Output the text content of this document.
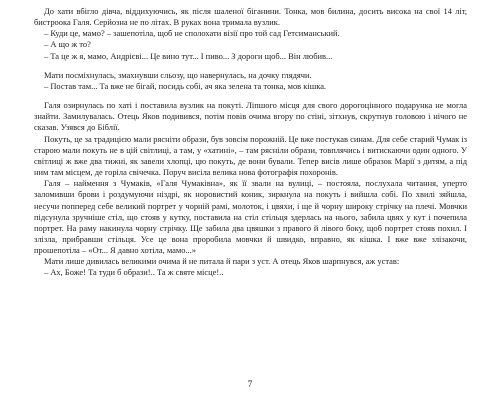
До хати вбігло дівча, віддихуючись, як після шаленої біганини. Тонка, мов билина, досить висока на свої 14 літ, бистроока Галя. Серйозна не по літах. В руках вона тримала вузлик.

– Куди це, мамо? – зашепотіла, щоб не сполохати візії про той сад Гетсиманський.

– А що ж то?

– Та це ж я, мамо, Андрієві... Це вино тут... І пиво... З дороги щоб... Він любив...

Мати посміхнулась, змахнувши сльозу, що навернулась, на дочку глядячи.

– Постав там... Та вже не бігай, посидь собі, ач яка зелена та тонка, мов кішка.

Галя озирнулась по хаті і поставила вузлик на покуті. Ліпшого місця для свого дорогоцінного подарунка не могла знайти. Замилувалась. Отець Яков подивився, потім повів очима вгору по стіні, зітхнув, скрутнув головою і нічого не сказав. Узявся до Біблії.

Покуть, це за традицією мали рясніти образи, був зовсім порожній. Це вже постукав синам. Для себе старий Чумак із старою мали покуть не в цій світлиці, а там, у «хатині», – там рясніли образи, товплячись і витискаючи один одного. У світлиці ж вже два тижні, як завели хлопці, цю покуть, де вони бували. Тепер висів лише образок Марії з дитям, а під ним там місцем, де горіла свічечка. Поруч висіла велика нова фотографія похоронів.

Галя – наймення з Чумаків, «Галя Чумаківна», як її звали на вулиці, – постояла, послухала читання, уперто заломивши брови і роздумуючи ніздрі, як норовистий коник, зиркнула на покуть і вийшла собі. По хвилі зяйшла, несучи попперед себе великий портрет у чорній рамі, молоток, і цвяхи, і ще й чорну широку стрічку на плечі. Мовчки підсунула зручніше стіл, що стояв у кутку, поставила на стіл стільця здерлась на нього, забила цвях у кут і почепила портрет. На раму накинула чорну стрічку. Ще забила два цвяшки з правого й лівого боку, щоб портрет стояв похил. І злізла, прибравши стільця. Усе це вона проробила мовчки й швидко, вправно, як кішка. І вже вже злізакочи, прошепотіла – «От... Я давно хотіла, мамо...»

Мати лише дивилась великими очима й не питала й пари з уст. А отець Яков шарпнувся, аж устав:

– Ах, Боже! Та туди б образи!.. Та ж святе місце!..

7
